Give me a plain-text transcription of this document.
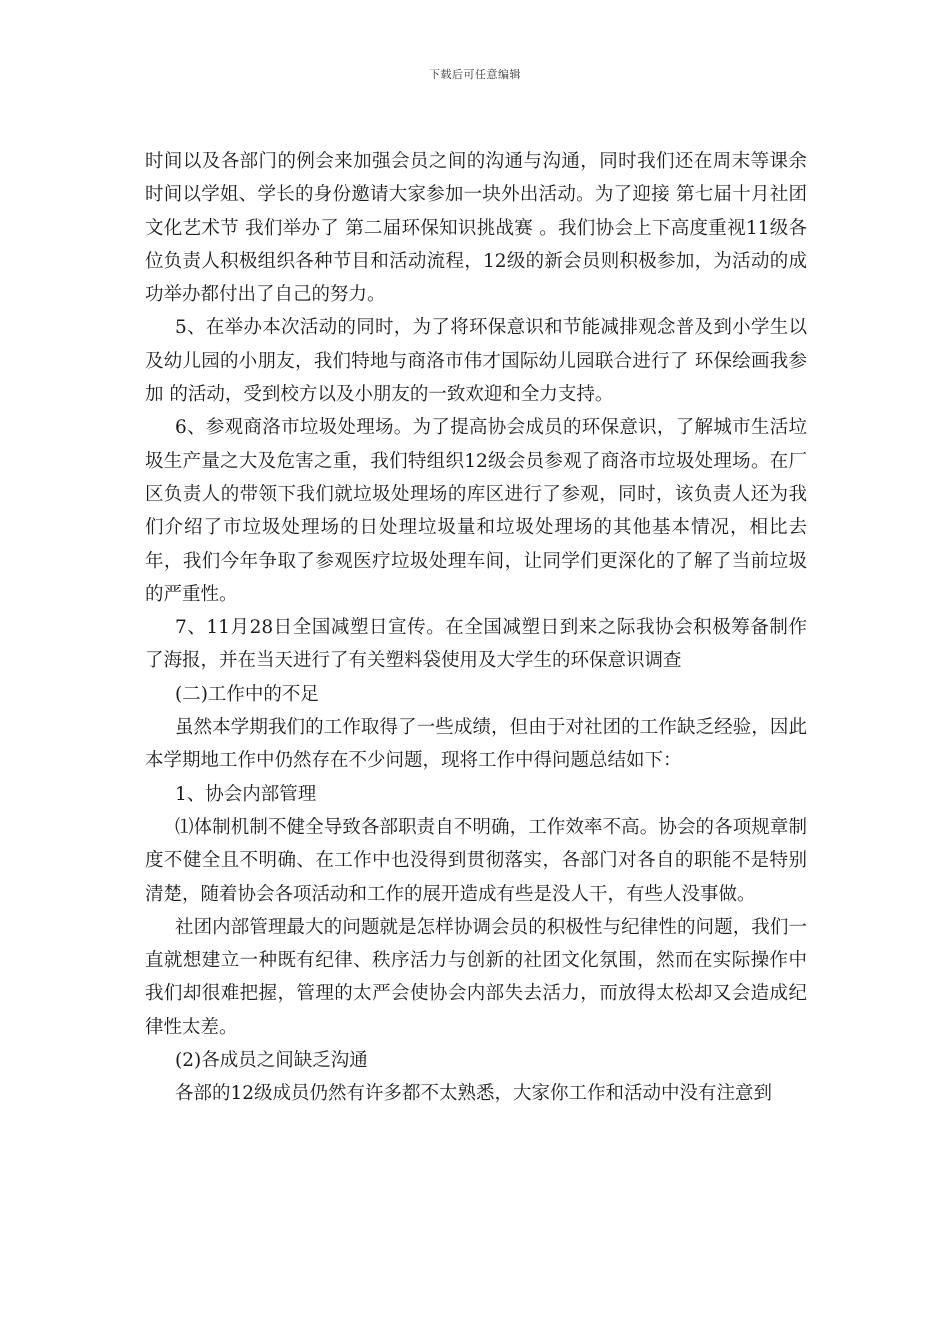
下载后可任意编辑

时间以及各部门的例会来加强会员之间的沟通与沟通，同时我们还在周末等课余时间以学姐、学长的身份邀请大家参加一块外出活动。为了迎接 第七届十月社团文化艺术节 我们举办了 第二届环保知识挑战赛 。我们协会上下高度重视11级各位负责人积极组织各种节目和活动流程，12级的新会员则积极参加，为活动的成功举办都付出了自己的努力。

5、在举办本次活动的同时，为了将环保意识和节能减排观念普及到小学生以及幼儿园的小朋友，我们特地与商洛市伟才国际幼儿园联合进行了 环保绘画我参加 的活动，受到校方以及小朋友的一致欢迎和全力支持。

6、参观商洛市垃圾处理场。为了提高协会成员的环保意识，了解城市生活垃圾生产量之大及危害之重，我们特组织12级会员参观了商洛市垃圾处理场。在厂区负责人的带领下我们就垃圾处理场的库区进行了参观，同时，该负责人还为我们介绍了市垃圾处理场的日处理垃圾量和垃圾处理场的其他基本情况，相比去年，我们今年争取了参观医疗垃圾处理车间，让同学们更深化的了解了当前垃圾的严重性。

7、11月28日全国减塑日宣传。在全国减塑日到来之际我协会积极筹备制作了海报，并在当天进行了有关塑料袋使用及大学生的环保意识调查

(二)工作中的不足

虽然本学期我们的工作取得了一些成绩，但由于对社团的工作缺乏经验，因此本学期地工作中仍然存在不少问题，现将工作中得问题总结如下：

1、协会内部管理

⑴体制机制不健全导致各部职责自不明确，工作效率不高。协会的各项规章制度不健全且不明确、在工作中也没得到贯彻落实，各部门对各自的职能不是特别清楚，随着协会各项活动和工作的展开造成有些是没人干，有些人没事做。

社团内部管理最大的问题就是怎样协调会员的积极性与纪律性的问题，我们一直就想建立一种既有纪律、秩序活力与创新的社团文化氛围，然而在实际操作中我们却很难把握，管理的太严会使协会内部失去活力，而放得太松却又会造成纪律性太差。

(2)各成员之间缺乏沟通

各部的12级成员仍然有许多都不太熟悉，大家你工作和活动中没有注意到
